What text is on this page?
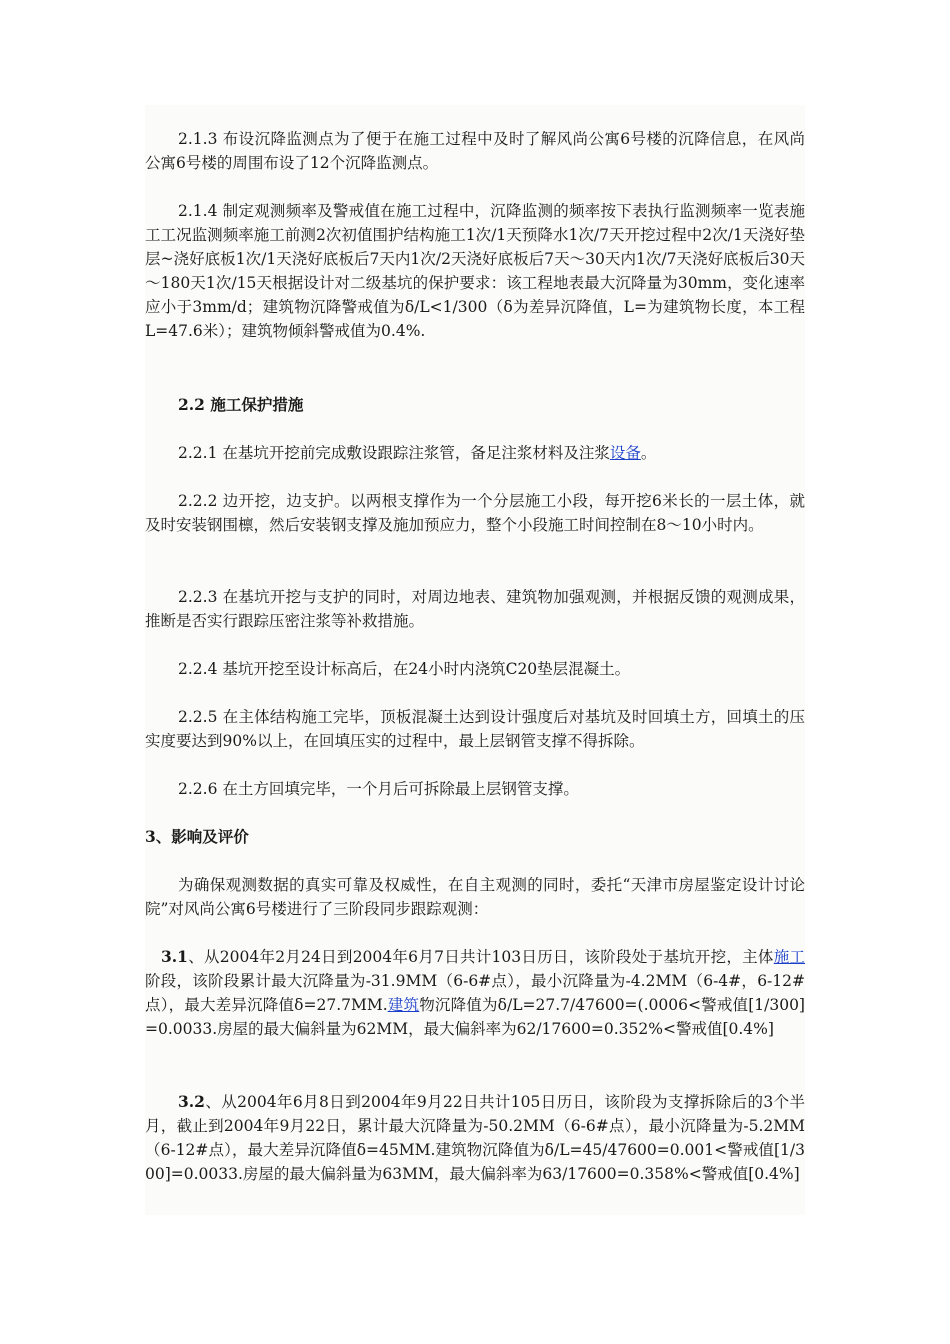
2.1.3 布设沉降监测点为了便于在施工过程中及时了解风尚公寓6号楼的沉降信息，在风尚公寓6号楼的周围布设了12个沉降监测点。

2.1.4 制定观测频率及警戒值在施工过程中，沉降监测的频率按下表执行监测频率一览表施工工况监测频率施工前测2次初值围护结构施工1次/1天预降水1次/7天开挖过程中2次/1天浇好垫层~浇好底板1次/1天浇好底板后7天内1次/2天浇好底板后7天～30天内1次/7天浇好底板后30天～180天1次/15天根据设计对二级基坑的保护要求：该工程地表最大沉降量为30mm，变化速率应小于3mm/d；建筑物沉降警戒值为δ/L<1/300（δ为差异沉降值，L=为建筑物长度，本工程L=47.6米）；建筑物倾斜警戒值为0.4%.

2.2 施工保护措施

2.2.1 在基坑开挖前完成敷设跟踪注浆管，备足注浆材料及注浆设备。

2.2.2 边开挖，边支护。以两根支撑作为一个分层施工小段，每开挖6米长的一层土体，就及时安装钢围檩，然后安装钢支撑及施加预应力，整个小段施工时间控制在8～10小时内。

2.2.3 在基坑开挖与支护的同时，对周边地表、建筑物加强观测，并根据反馈的观测成果，推断是否实行跟踪压密注浆等补救措施。

2.2.4 基坑开挖至设计标高后，在24小时内浇筑C20垫层混凝土。

2.2.5 在主体结构施工完毕，顶板混凝土达到设计强度后对基坑及时回填土方，回填土的压实度要达到90%以上，在回填压实的过程中，最上层钢管支撑不得拆除。

2.2.6 在土方回填完毕，一个月后可拆除最上层钢管支撑。

3、影响及评价

为确保观测数据的真实可靠及权威性，在自主观测的同时，委托“天津市房屋鉴定设计讨论院”对风尚公寓6号楼进行了三阶段同步跟踪观测：

3.1、从2004年2月24日到2004年6月7日共计103日历日，该阶段处于基坑开挖，主体施工阶段，该阶段累计最大沉降量为-31.9MM（6-6#点），最小沉降量为-4.2MM（6-4#，6-12#点），最大差异沉降值δ=27.7MM.建筑物沉降值为δ/L=27.7/47600=(.0006<警戒值[1/300]=0.0033.房屋的最大偏斜量为62MM，最大偏斜率为62/17600=0.352%<警戒值[0.4%]

3.2、从2004年6月8日到2004年9月22日共计105日历日，该阶段为支撑拆除后的3个半月，截止到2004年9月22日，累计最大沉降量为-50.2MM（6-6#点），最小沉降量为-5.2MM（6-12#点），最大差异沉降值δ=45MM.建筑物沉降值为δ/L=45/47600=0.001<警戒值[1/300]=0.0033.房屋的最大偏斜量为63MM，最大偏斜率为63/17600=0.358%<警戒值[0.4%]
